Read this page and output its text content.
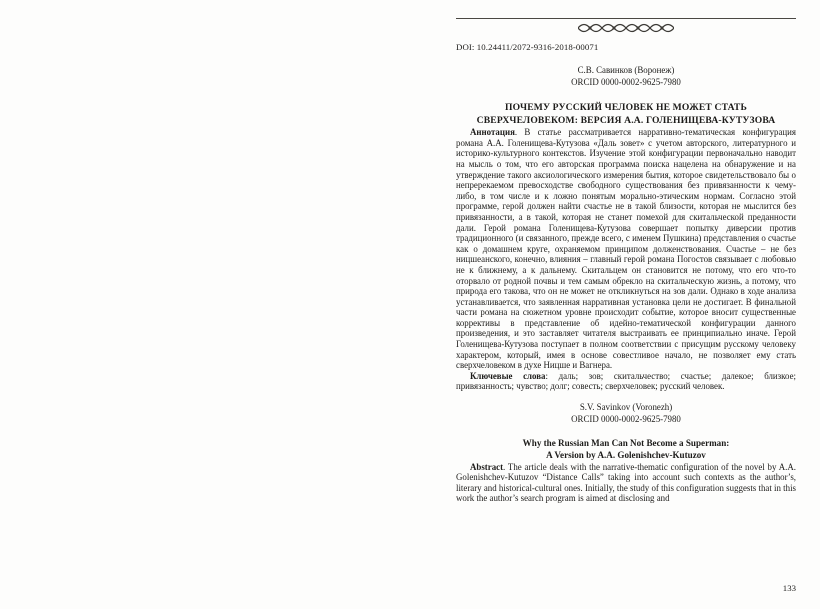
DOI: 10.24411/2072-9316-2018-00071
С.В. Савинков (Воронеж)
ORCID 0000-0002-9625-7980
ПОЧЕМУ РУССКИЙ ЧЕЛОВЕК НЕ МОЖЕТ СТАТЬ
СВЕРХЧЕЛОВЕКОМ: ВЕРСИЯ А.А. ГОЛЕНИЩЕВА-КУТУЗОВА

Аннотация. В статье рассматривается нарративно-тематическая конфигурация романа А.А. Голенищева-Кутузова «Даль зовет» с учетом авторского, литературного и историко-культурного контекстов. Изучение этой конфигурации первоначально наводит на мысль о том, что его авторская программа поиска нацелена на обнаружение и на утверждение такого аксиологического измерения бытия, которое свидетельствовало бы о непререкаемом превосходстве свободного существования без привязанности к чему-либо, в том числе и к ложно понятым морально-этическим нормам. Согласно этой программе, герой должен найти счастье не в такой близости, которая не мыслится без привязанности, а в такой, которая не станет помехой для скитальческой преданности дали. Герой романа Голенищева-Кутузова совершает попытку диверсии против традиционного (и связанного, прежде всего, с именем Пушкина) представления о счастье как о домашнем круге, охраняемом принципом долженствования. Счастье – не без ницшеанского, конечно, влияния – главный герой романа Погостов связывает с любовью не к ближнему, а к дальнему. Скитальцем он становится не потому, что его что-то оторвало от родной почвы и тем самым обрекло на скитальческую жизнь, а потому, что природа его такова, что он не может не откликнуться на зов дали. Однако в ходе анализа устанавливается, что заявленная нарративная установка цели не достигает. В финальной части романа на сюжетном уровне происходит событие, которое вносит существенные коррективы в представление об идейно-тематической конфигурации данного произведения, и это заставляет читателя выстраивать ее принципиально иначе. Герой Голенищева-Кутузова поступает в полном соответствии с присущим русскому человеку характером, который, имея в основе совестливое начало, не позволяет ему стать сверхчеловеком в духе Ницше и Вагнера.

Ключевые слова: даль; зов; скитальчество; счастье; далекое; близкое; привязанность; чувство; долг; совесть; сверхчеловек; русский человек.

S.V. Savinkov (Voronezh)
ORCID 0000-0002-9625-7980
Why the Russian Man Can Not Become a Superman:
A Version by A.A. Golenishchev-Kutuzov

Abstract. The article deals with the narrative-thematic configuration of the novel by A.A. Golenishchev-Kutuzov “Distance Calls” taking into account such contexts as the author’s, literary and historical-cultural ones. Initially, the study of this configuration suggests that in this work the author’s search program is aimed at disclosing and

133
